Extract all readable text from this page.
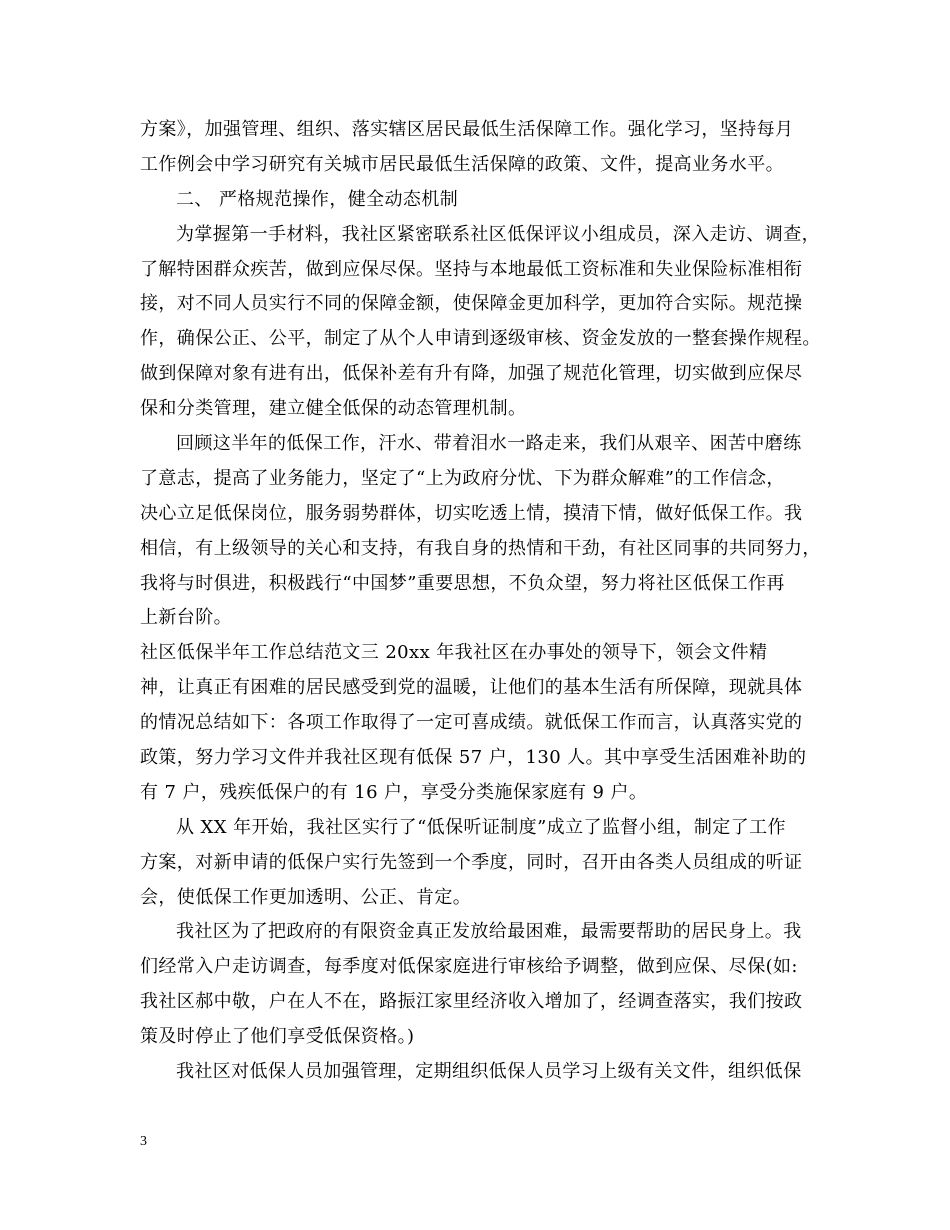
方案》，加强管理、组织、落实辖区居民最低生活保障工作。强化学习，坚持每月
工作例会中学习研究有关城市居民最低生活保障的政策、文件，提高业务水平。
二、 严格规范操作，健全动态机制
为掌握第一手材料，我社区紧密联系社区低保评议小组成员，深入走访、调查，
了解特困群众疾苦，做到应保尽保。坚持与本地最低工资标准和失业保险标准相衔
接，对不同人员实行不同的保障金额，使保障金更加科学，更加符合实际。规范操
作，确保公正、公平，制定了从个人申请到逐级审核、资金发放的一整套操作规程。
做到保障对象有进有出，低保补差有升有降，加强了规范化管理，切实做到应保尽
保和分类管理，建立健全低保的动态管理机制。
回顾这半年的低保工作，汗水、带着泪水一路走来，我们从艰辛、困苦中磨练
了意志，提高了业务能力，坚定了“上为政府分忧、下为群众解难”的工作信念，
决心立足低保岗位，服务弱势群体，切实吃透上情，摸清下情，做好低保工作。我
相信，有上级领导的关心和支持，有我自身的热情和干劲，有社区同事的共同努力，
我将与时俱进，积极践行“中国梦”重要思想，不负众望，努力将社区低保工作再
上新台阶。
社区低保半年工作总结范文三 20xx 年我社区在办事处的领导下，领会文件精
神，让真正有困难的居民感受到党的温暖，让他们的基本生活有所保障，现就具体
的情况总结如下：各项工作取得了一定可喜成绩。就低保工作而言，认真落实党的
政策，努力学习文件并我社区现有低保 57 户，130 人。其中享受生活困难补助的
有 7 户，残疾低保户的有 16 户，享受分类施保家庭有 9 户。
从 XX 年开始，我社区实行了“低保听证制度”成立了监督小组，制定了工作
方案，对新申请的低保户实行先签到一个季度，同时，召开由各类人员组成的听证
会，使低保工作更加透明、公正、肯定。
我社区为了把政府的有限资金真正发放给最困难，最需要帮助的居民身上。我
们经常入户走访调查，每季度对低保家庭进行审核给予调整，做到应保、尽保(如:
我社区郝中敬，户在人不在，路振江家里经济收入增加了，经调查落实，我们按政
策及时停止了他们享受低保资格。)
我社区对低保人员加强管理，定期组织低保人员学习上级有关文件，组织低保
3
